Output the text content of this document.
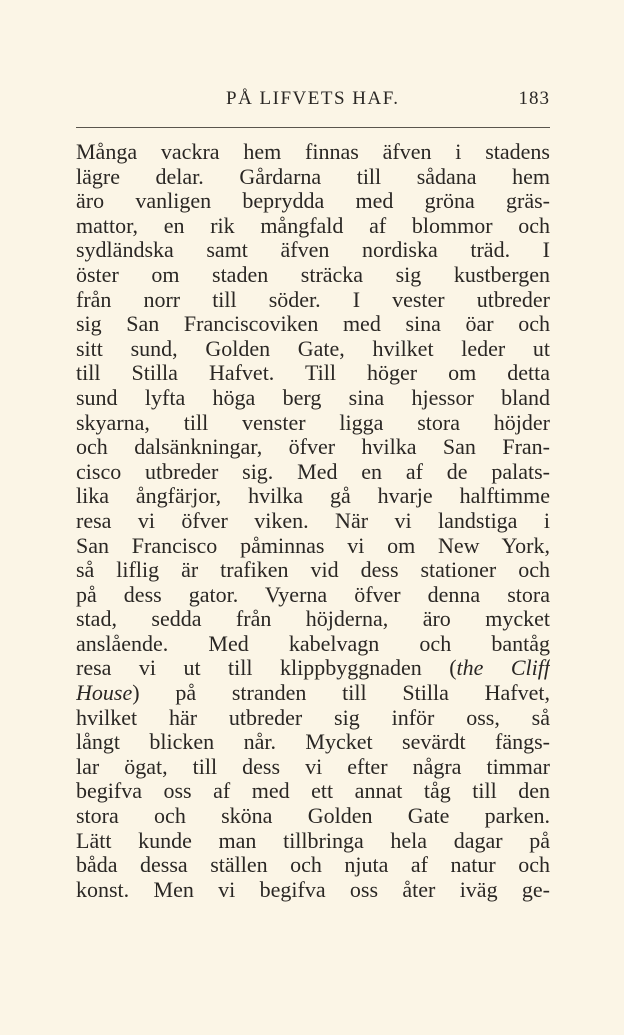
PÅ LIFVETS HAF.	183
Många vackra hem finnas äfven i stadens
lägre delar. Gårdarna till sådana hem
äro vanligen beprydda med gröna gräs-
mattor, en rik mångfald af blommor och
sydländska samt äfven nordiska träd. I
öster om staden sträcka sig kustbergen
från norr till söder. I vester utbreder
sig San Franciscoviken med sina öar och
sitt sund, Golden Gate, hvilket leder ut
till Stilla Hafvet. Till höger om detta
sund lyfta höga berg sina hjessor bland
skyarna, till venster ligga stora höjder
och dalsänkningar, öfver hvilka San Fran-
cisco utbreder sig. Med en af de palats-
lika ångfärjor, hvilka gå hvarje halftimme
resa vi öfver viken. När vi landstiga i
San Francisco påminnas vi om New York,
så liflig är trafiken vid dess stationer och
på dess gator. Vyerna öfver denna stora
stad, sedda från höjderna, äro mycket
anslående. Med kabelvagn och bantåg
resa vi ut till klippbyggnaden (the Cliff
House) på stranden till Stilla Hafvet,
hvilket här utbreder sig inför oss, så
långt blicken når. Mycket sevärdt fängs-
lar ögat, till dess vi efter några timmar
begifva oss af med ett annat tåg till den
stora och sköna Golden Gate parken.
Lätt kunde man tillbringa hela dagar på
båda dessa ställen och njuta af natur och
konst. Men vi begifva oss åter iväg ge-
